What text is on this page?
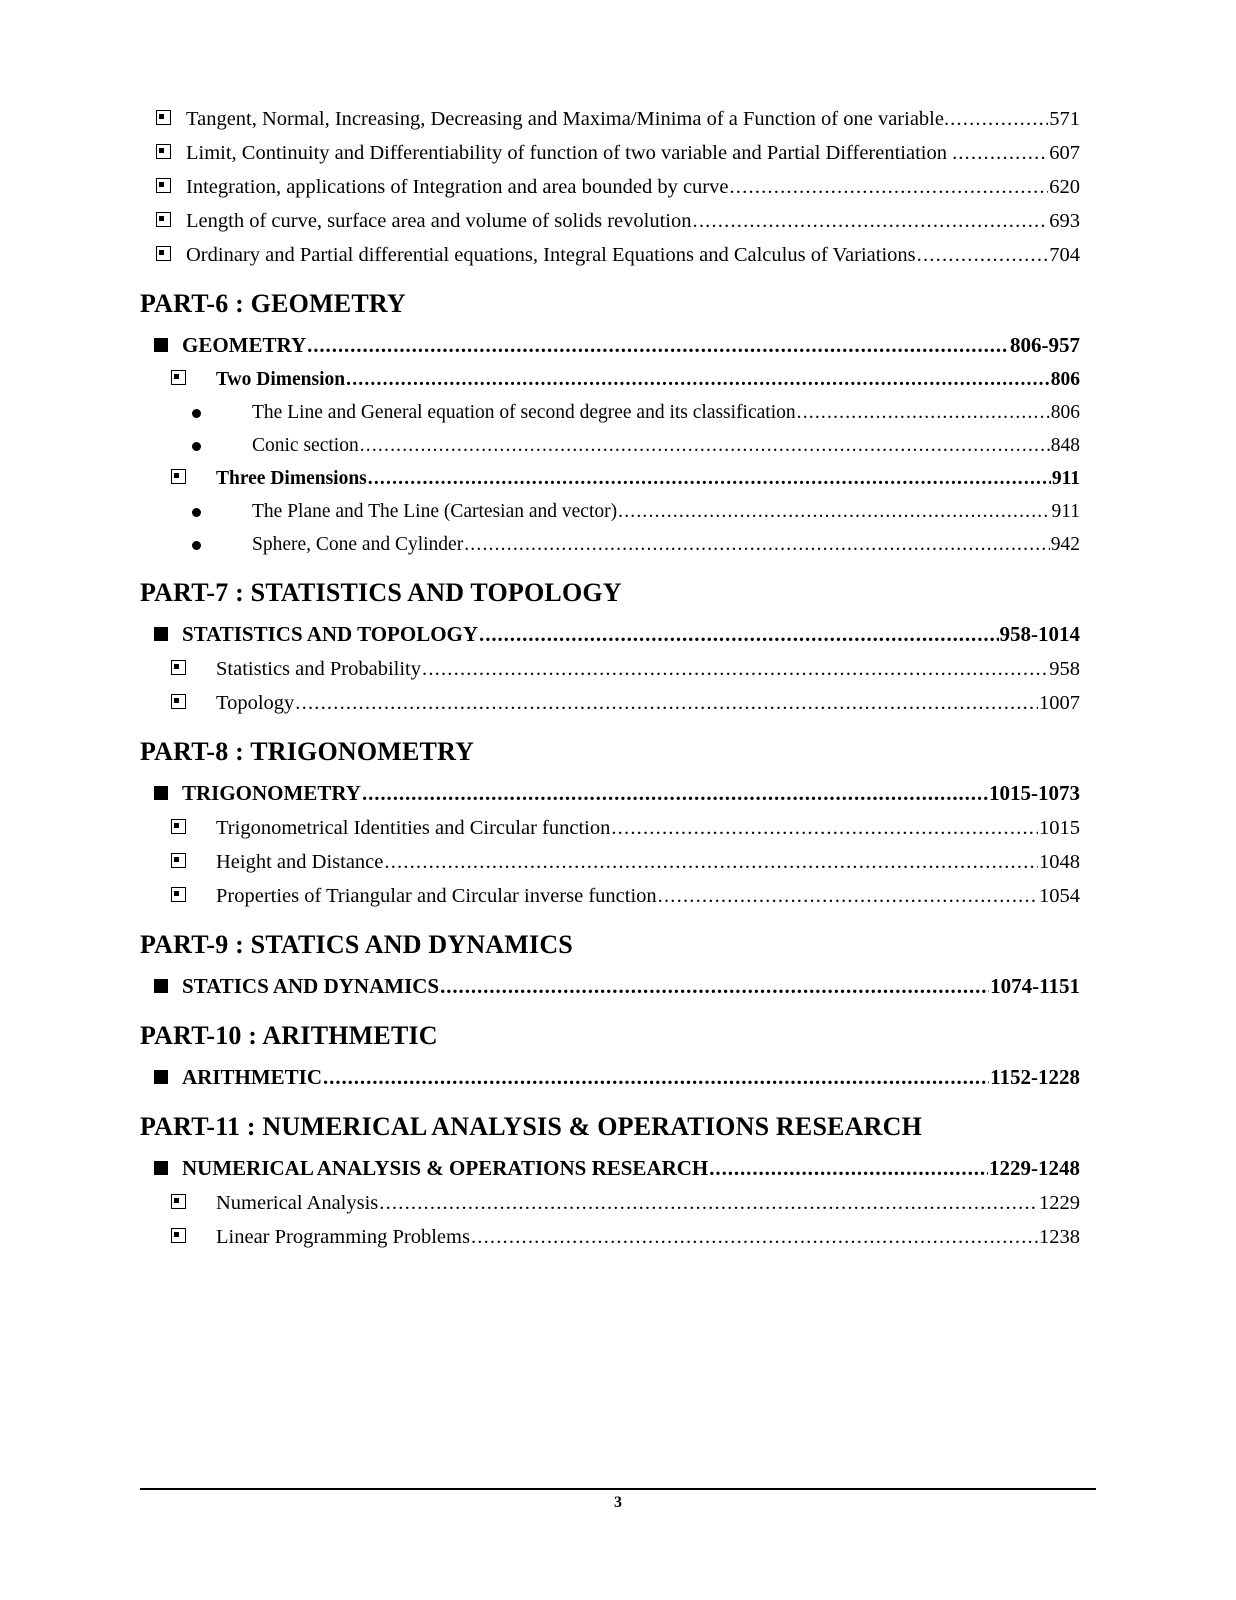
Tangent, Normal, Increasing, Decreasing and Maxima/Minima of a Function of one variable. .....	571
Limit, Continuity and Differentiability of function of two variable and Partial Differentiation . .....	607
Integration, applications of Integration and area bounded by curve .....	620
Length of curve, surface area and volume of solids revolution .....	693
Ordinary and Partial differential equations, Integral Equations and Calculus of Variations .....	704
PART-6 : GEOMETRY
GEOMETRY .....	806-957
Two Dimension .....	806
The Line and General equation of second degree and its classification .....	806
Conic section .....	848
Three Dimensions .....	911
The Plane and The Line (Cartesian and vector) .....	911
Sphere, Cone and Cylinder .....	942
PART-7 : STATISTICS AND TOPOLOGY
STATISTICS AND TOPOLOGY .....	958-1014
Statistics and Probability .....	958
Topology .....	1007
PART-8 : TRIGONOMETRY
TRIGONOMETRY .....	1015-1073
Trigonometrical Identities and Circular function .....	1015
Height and Distance .....	1048
Properties of Triangular and Circular inverse function .....	1054
PART-9 : STATICS AND DYNAMICS
STATICS AND DYNAMICS .....	1074-1151
PART-10 : ARITHMETIC
ARITHMETIC .....	1152-1228
PART-11 : NUMERICAL ANALYSIS & OPERATIONS RESEARCH
NUMERICAL ANALYSIS & OPERATIONS RESEARCH .....	1229-1248
Numerical Analysis .....	1229
Linear Programming Problems .....	1238
3
